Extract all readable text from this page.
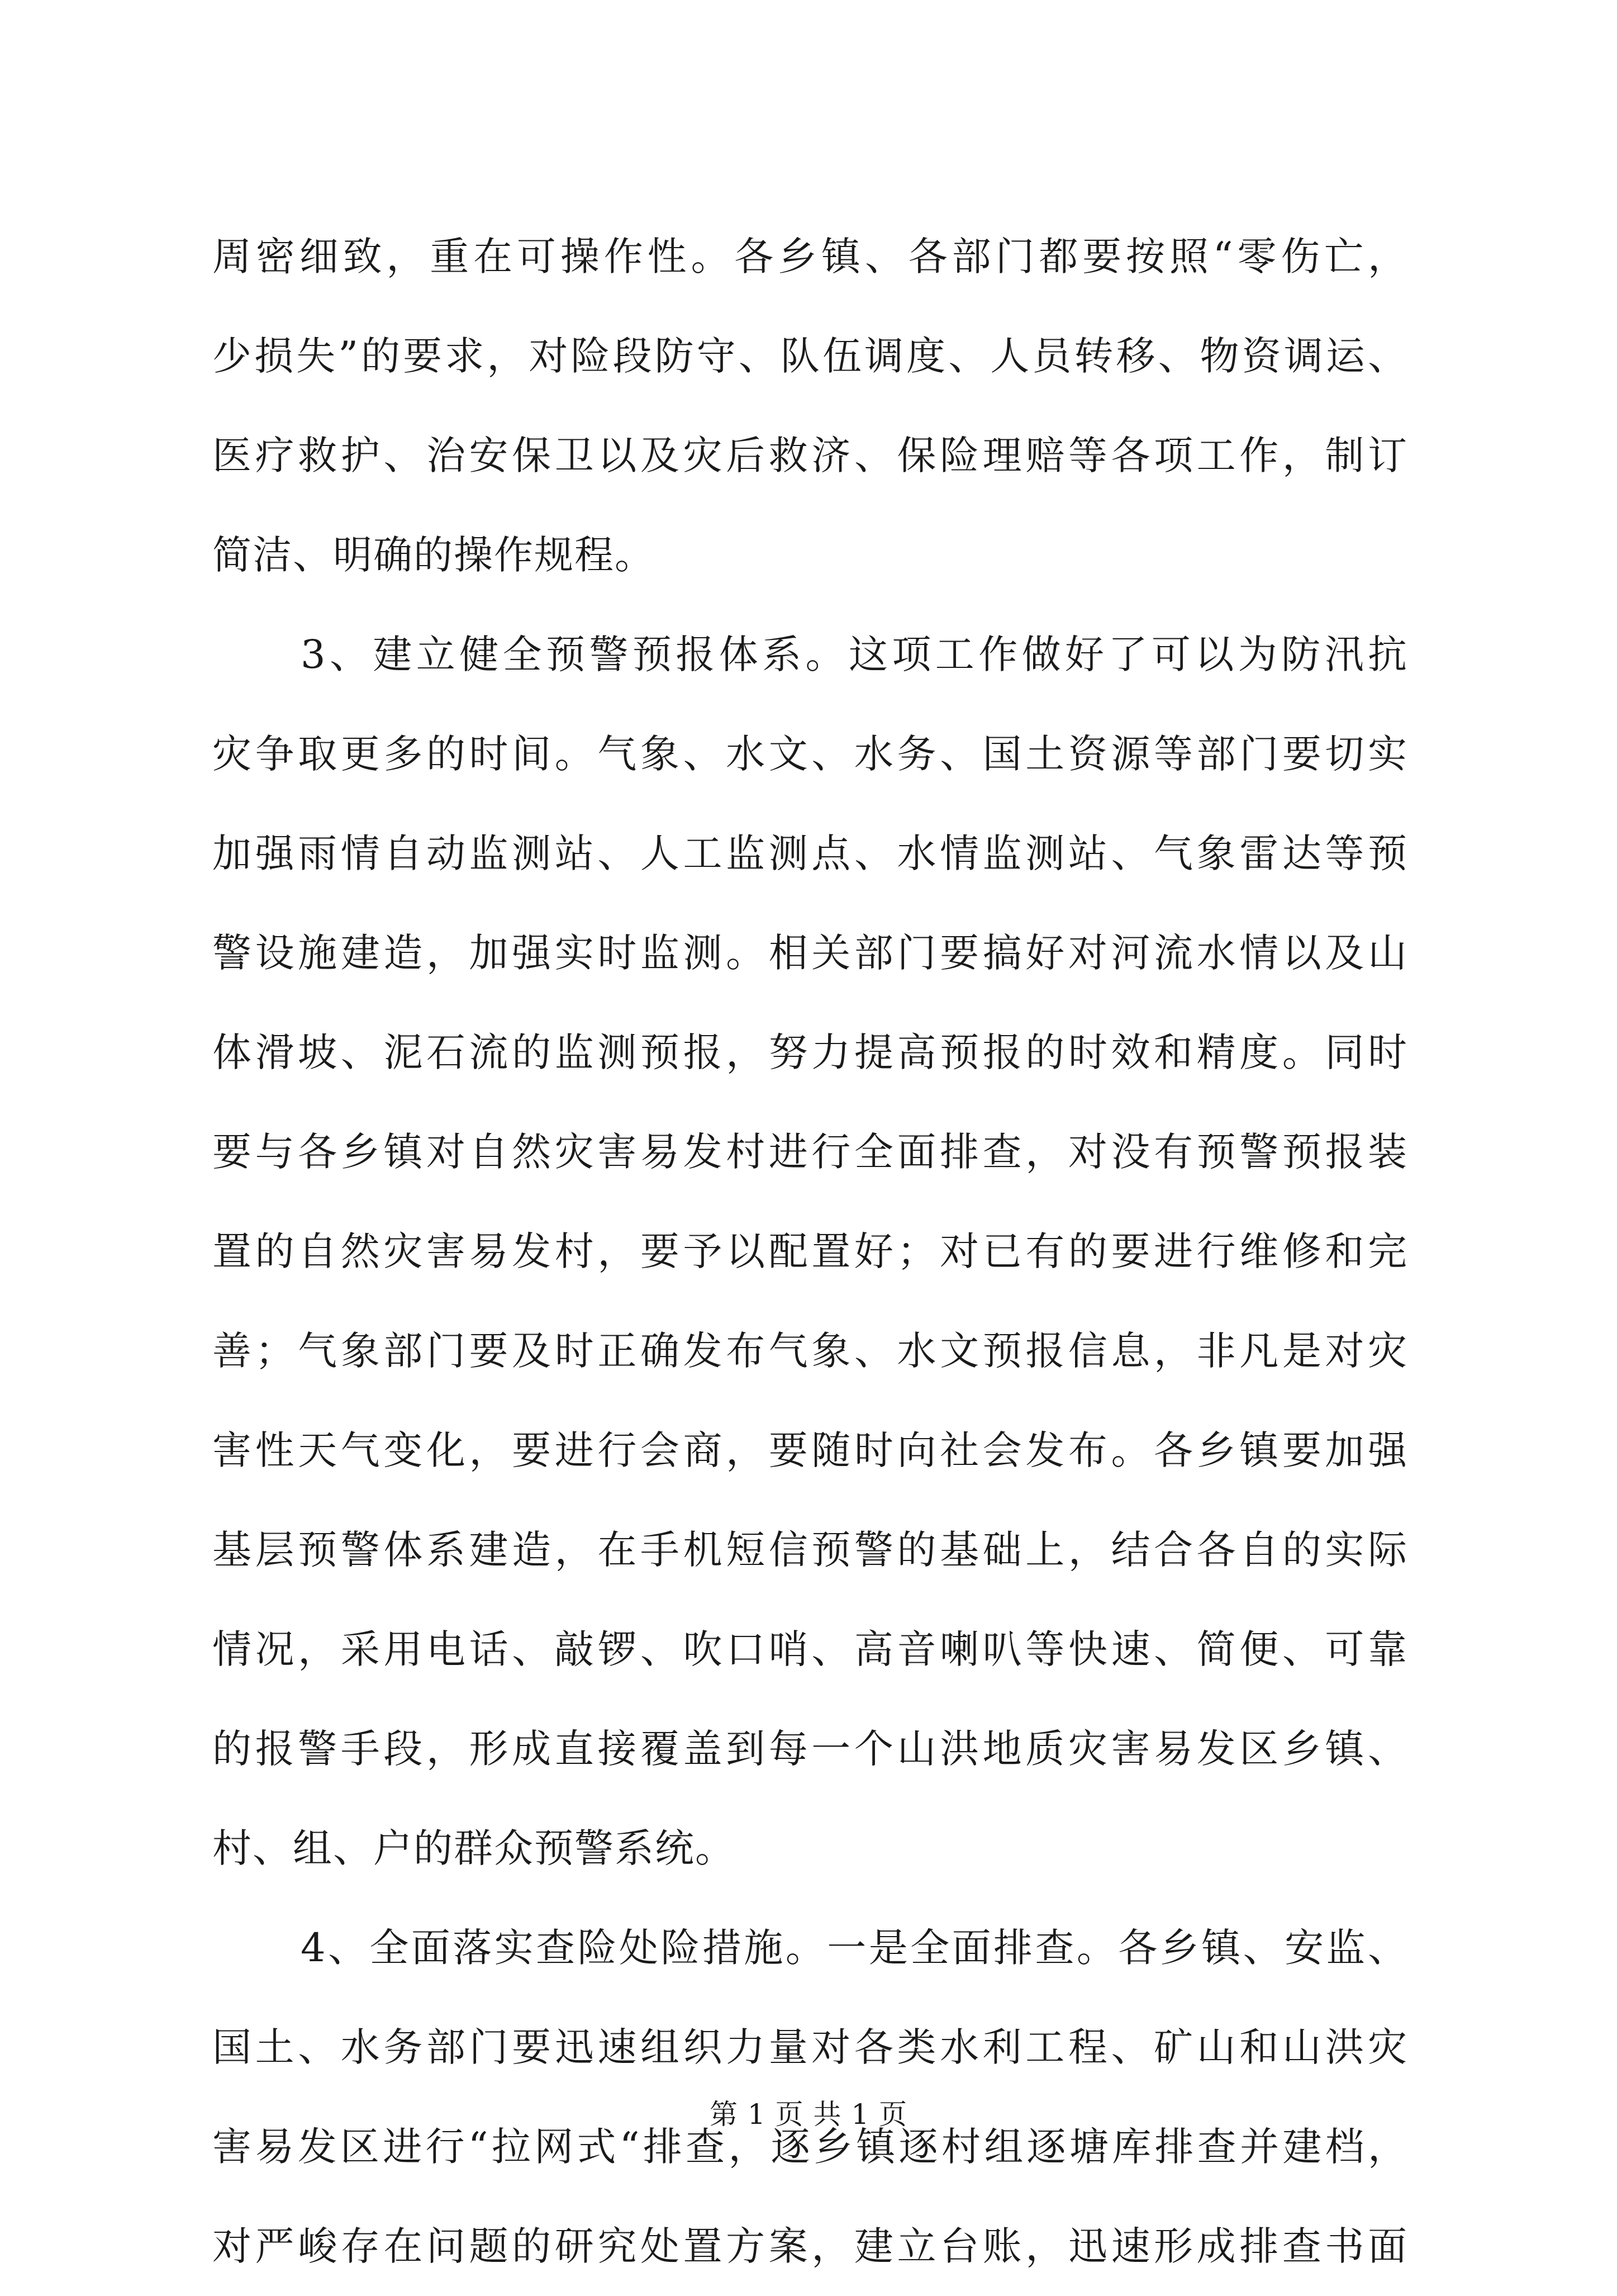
周密细致，重在可操作性。各乡镇、各部门都要按照“零伤亡，
少损失”的要求，对险段防守、队伍调度、人员转移、物资调运、
医疗救护、治安保卫以及灾后救济、保险理赔等各项工作，制订
简洁、明确的操作规程。
3、建立健全预警预报体系。这项工作做好了可以为防汛抗
灾争取更多的时间。气象、水文、水务、国土资源等部门要切实
加强雨情自动监测站、人工监测点、水情监测站、气象雷达等预
警设施建造，加强实时监测。相关部门要搞好对河流水情以及山
体滑坡、泥石流的监测预报，努力提高预报的时效和精度。同时
要与各乡镇对自然灾害易发村进行全面排查，对没有预警预报装
置的自然灾害易发村，要予以配置好；对已有的要进行维修和完
善；气象部门要及时正确发布气象、水文预报信息，非凡是对灾
害性天气变化，要进行会商，要随时向社会发布。各乡镇要加强
基层预警体系建造，在手机短信预警的基础上，结合各自的实际
情况，采用电话、敲锣、吹口哨、高音喇叭等快速、简便、可靠
的报警手段，形成直接覆盖到每一个山洪地质灾害易发区乡镇、
村、组、户的群众预警系统。
4、全面落实查险处险措施。一是全面排查。各乡镇、安监、
国土、水务部门要迅速组织力量对各类水利工程、矿山和山洪灾
害易发区进行“拉网式“排查，逐乡镇逐村组逐塘库排查并建档，
对严峻存在问题的研究处置方案，建立台账，迅速形成排查书面
第 1 页 共 1 页
